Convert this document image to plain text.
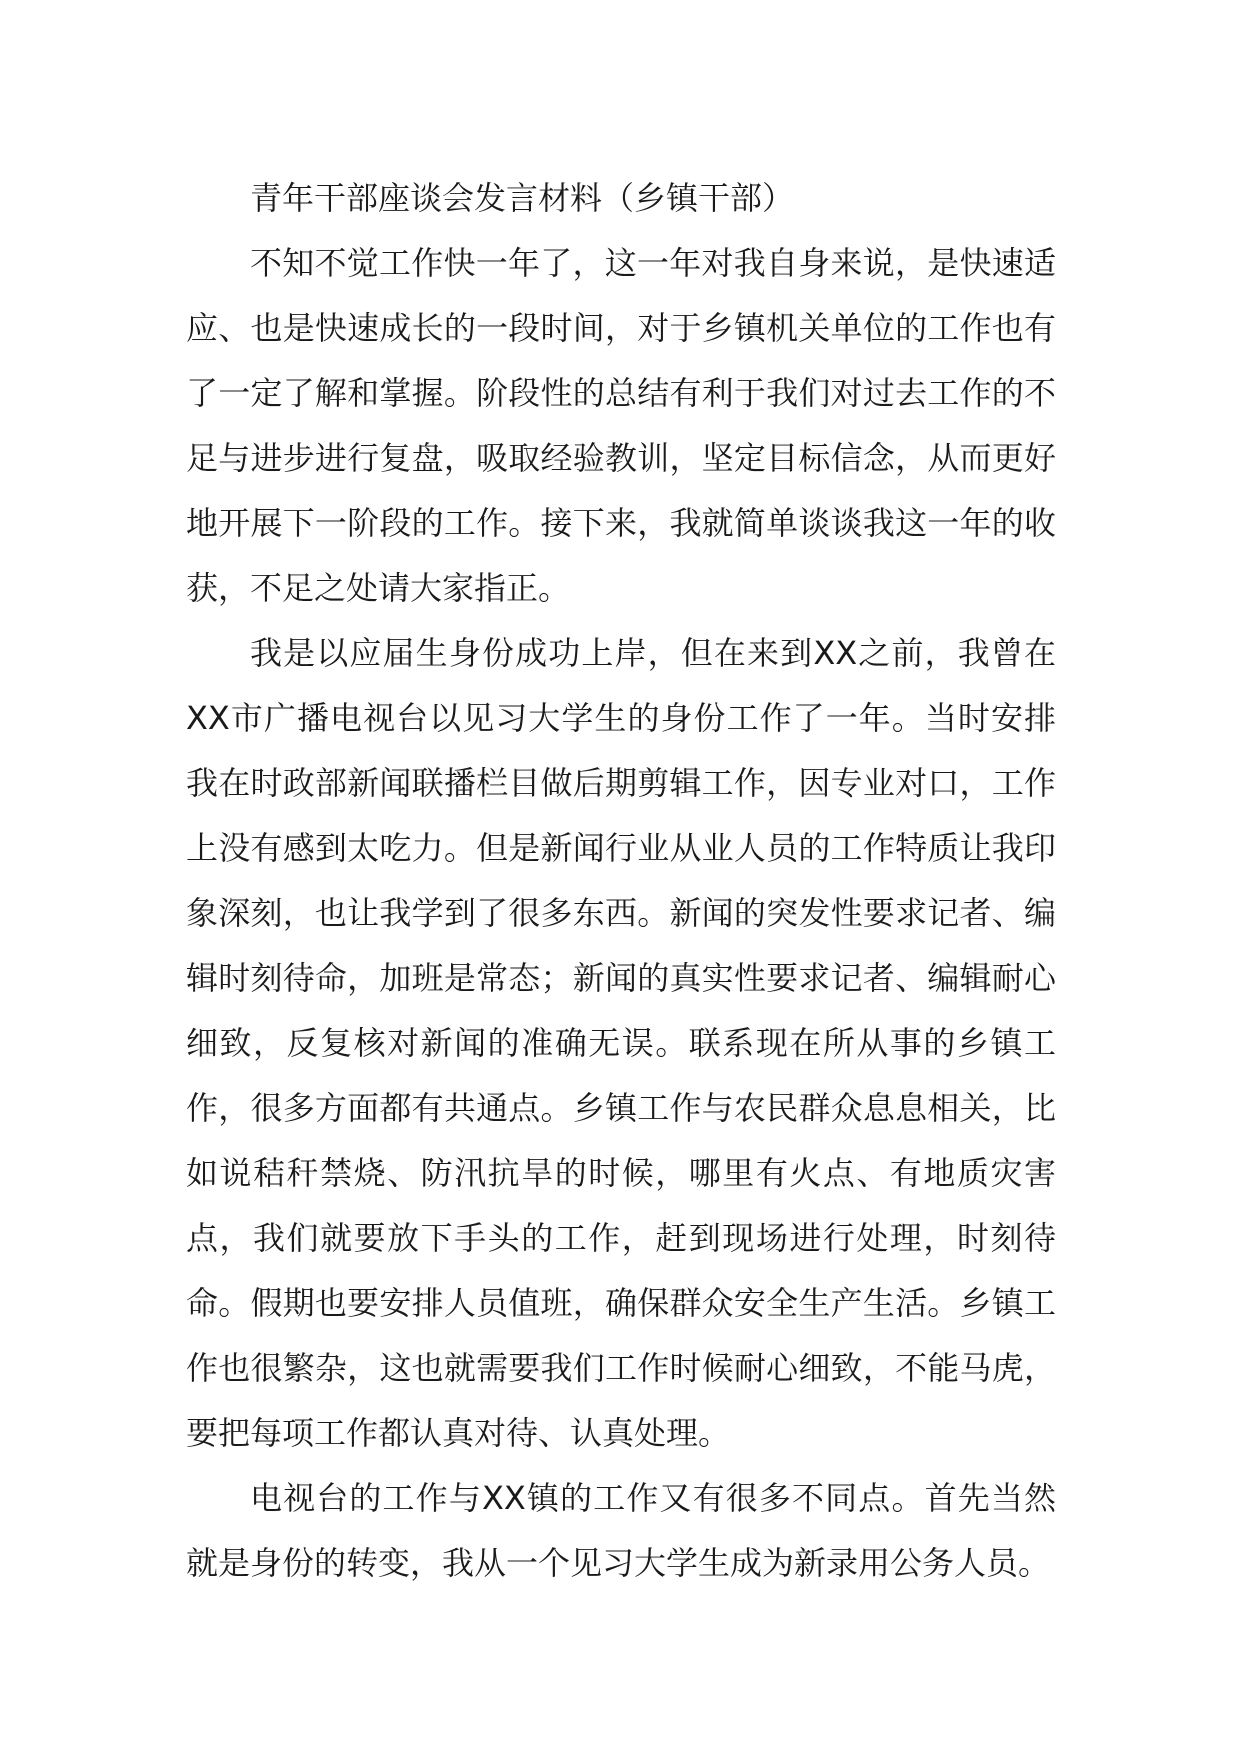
青年干部座谈会发言材料（乡镇干部）

不知不觉工作快一年了，这一年对我自身来说，是快速适应、也是快速成长的一段时间，对于乡镇机关单位的工作也有了一定了解和掌握。阶段性的总结有利于我们对过去工作的不足与进步进行复盘，吸取经验教训，坚定目标信念，从而更好地开展下一阶段的工作。接下来，我就简单谈谈我这一年的收获，不足之处请大家指正。

我是以应届生身份成功上岸，但在来到XX之前，我曾在XX市广播电视台以见习大学生的身份工作了一年。当时安排我在时政部新闻联播栏目做后期剪辑工作，因专业对口，工作上没有感到太吃力。但是新闻行业从业人员的工作特质让我印象深刻，也让我学到了很多东西。新闻的突发性要求记者、编辑时刻待命，加班是常态；新闻的真实性要求记者、编辑耐心细致，反复核对新闻的准确无误。联系现在所从事的乡镇工作，很多方面都有共通点。乡镇工作与农民群众息息相关，比如说秸秆禁烧、防汛抗旱的时候，哪里有火点、有地质灾害点，我们就要放下手头的工作，赶到现场进行处理，时刻待命。假期也要安排人员值班，确保群众安全生产生活。乡镇工作也很繁杂，这也就需要我们工作时候耐心细致，不能马虎，要把每项工作都认真对待、认真处理。

电视台的工作与XX镇的工作又有很多不同点。首先当然就是身份的转变，我从一个见习大学生成为新录用公务人员。
